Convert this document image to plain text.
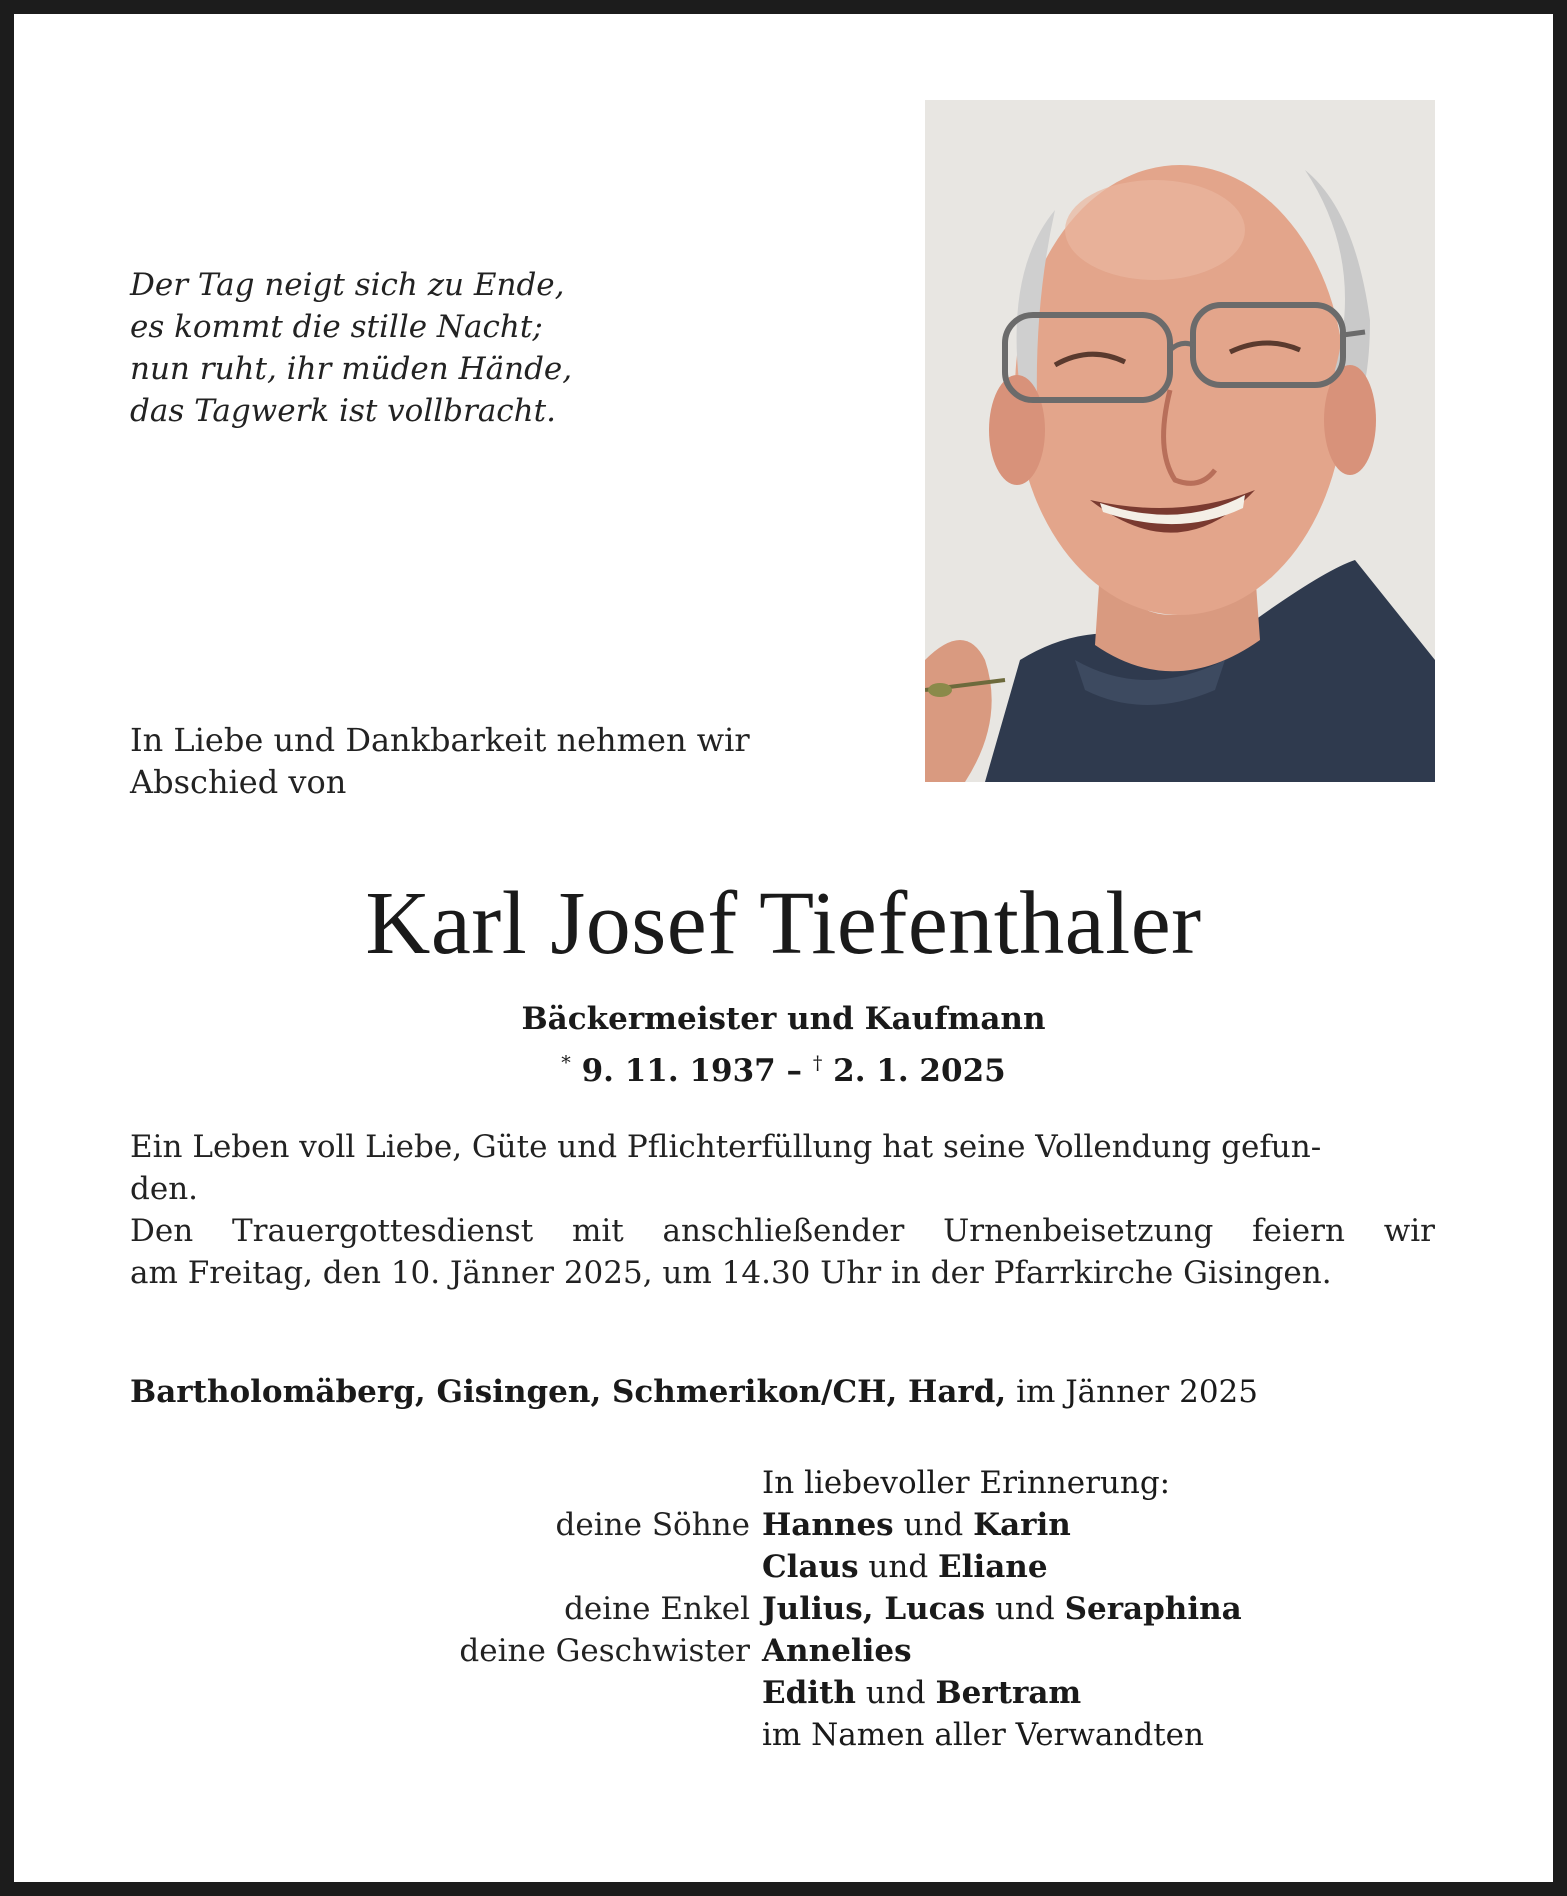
Der Tag neigt sich zu Ende,
es kommt die stille Nacht;
nun ruht, ihr müden Hände,
das Tagwerk ist vollbracht.
In Liebe und Dankbarkeit nehmen wir
Abschied von
Karl Josef Tiefenthaler
Bäckermeister und Kaufmann
* 9. 11. 1937 – † 2. 1. 2025
Ein Leben voll Liebe, Güte und Pflichterfüllung hat seine Vollendung gefun-
den.
Den Trauergottesdienst mit anschließender Urnenbeisetzung feiern wir
am Freitag, den 10. Jänner 2025, um 14.30 Uhr in der Pfarrkirche Gisingen.
Bartholomäberg, Gisingen, Schmerikon/CH, Hard, im Jänner 2025
In liebevoller Erinnerung:
deine Söhne Hannes und Karin
Claus und Eliane
deine Enkel Julius, Lucas und Seraphina
deine Geschwister Annelies
Edith und Bertram
im Namen aller Verwandten
